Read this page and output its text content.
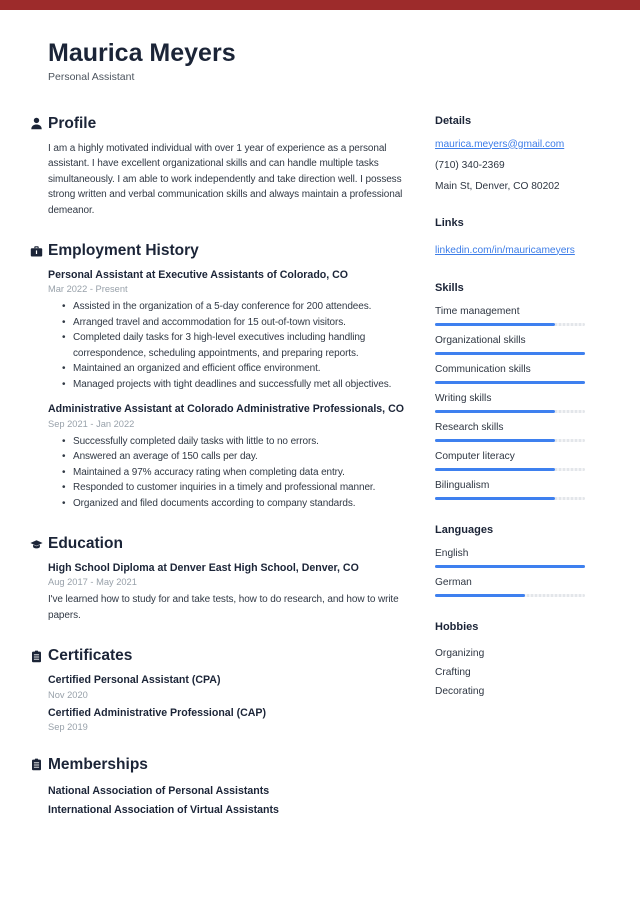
Maurica Meyers
Personal Assistant
Profile

I am a highly motivated individual with over 1 year of experience as a personal assistant. I have excellent organizational skills and can handle multiple tasks simultaneously. I am able to work independently and take direction well. I possess strong written and verbal communication skills and always maintain a professional demeanor.

Employment History
Personal Assistant at Executive Assistants of Colorado, CO
Mar 2022 - Present
• Assisted in the organization of a 5-day conference for 200 attendees.
• Arranged travel and accommodation for 15 out-of-town visitors.
• Completed daily tasks for 3 high-level executives including handling correspondence, scheduling appointments, and preparing reports.
• Maintained an organized and efficient office environment.
• Managed projects with tight deadlines and successfully met all objectives.
Administrative Assistant at Colorado Administrative Professionals, CO
Sep 2021 - Jan 2022
• Successfully completed daily tasks with little to no errors.
• Answered an average of 150 calls per day.
• Maintained a 97% accuracy rating when completing data entry.
• Responded to customer inquiries in a timely and professional manner.
• Organized and filed documents according to company standards.
Education
High School Diploma at Denver East High School, Denver, CO
Aug 2017 - May 2021

I've learned how to study for and take tests, how to do research, and how to write papers.

Certificates
Certified Personal Assistant (CPA)
Nov 2020
Certified Administrative Professional (CAP)
Sep 2019
Memberships
National Association of Personal Assistants
International Association of Virtual Assistants
Details
maurica.meyers@gmail.com
(710) 340-2369
Main St, Denver, CO 80202
Links
linkedin.com/in/mauricameyers
Skills
Time management
Organizational skills
Communication skills
Writing skills
Research skills
Computer literacy
Bilingualism
Languages
English
German
Hobbies
Organizing
Crafting
Decorating
